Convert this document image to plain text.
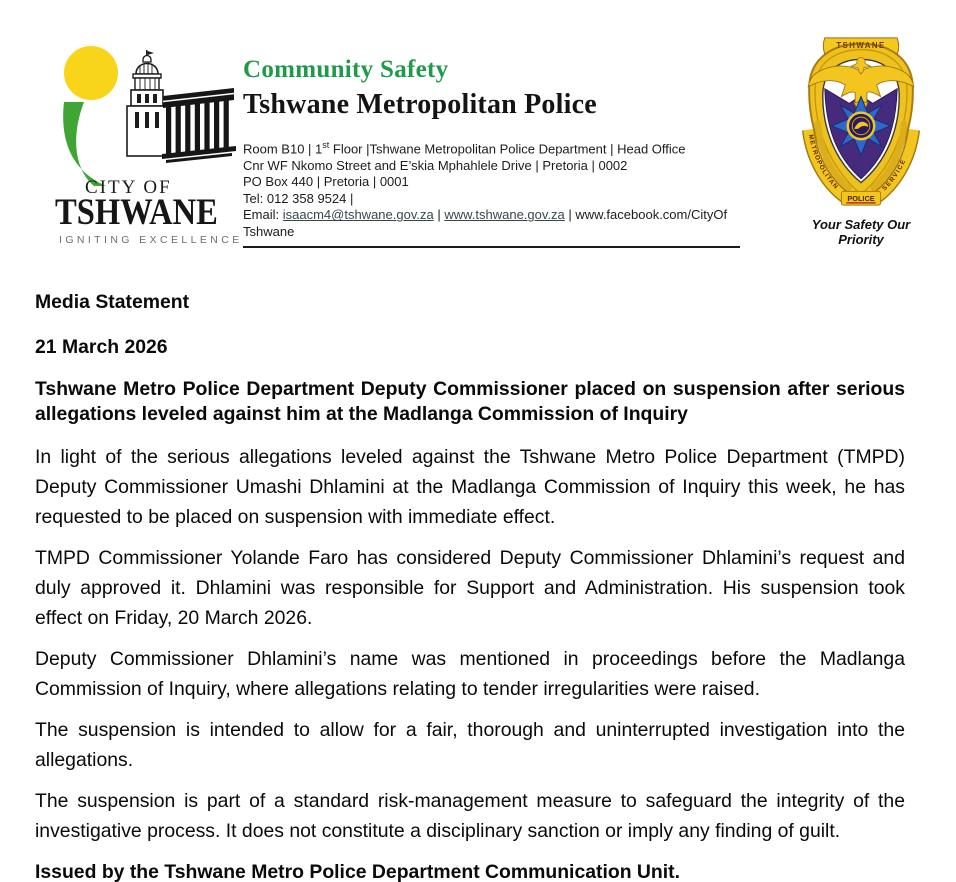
CITY OF
TSHWANE
IGNITING EXCELLENCE
Community Safety
Tshwane Metropolitan Police
Room B10 | 1st Floor |Tshwane Metropolitan Police Department | Head Office
Cnr WF Nkomo Street and E’skia Mphahlele Drive | Pretoria | 0002
PO Box 440 | Pretoria | 0001
Tel: 012 358 9524 |
Email: isaacm4@tshwane.gov.za | www.tshwane.gov.za | www.facebook.com/CityOf Tshwane
METROPOLITAN	SERVICE
POLICE
TSHWANE
Your Safety Our Priority

Media Statement

21 March 2026

Tshwane Metro Police Department Deputy Commissioner placed on suspension after serious allegations leveled against him at the Madlanga Commission of Inquiry

In light of the serious allegations leveled against the Tshwane Metro Police Department (TMPD) Deputy Commissioner Umashi Dhlamini at the Madlanga Commission of Inquiry this week, he has requested to be placed on suspension with immediate effect.

TMPD Commissioner Yolande Faro has considered Deputy Commissioner Dhlamini’s request and duly approved it. Dhlamini was responsible for Support and Administration. His suspension took effect on Friday, 20 March 2026.

Deputy Commissioner Dhlamini’s name was mentioned in proceedings before the Madlanga Commission of Inquiry, where allegations relating to tender irregularities were raised.

The suspension is intended to allow for a fair, thorough and uninterrupted investigation into the allegations.

The suspension is part of a standard risk-management measure to safeguard the integrity of the investigative process. It does not constitute a disciplinary sanction or imply any finding of guilt.

Issued by the Tshwane Metro Police Department Communication Unit.
